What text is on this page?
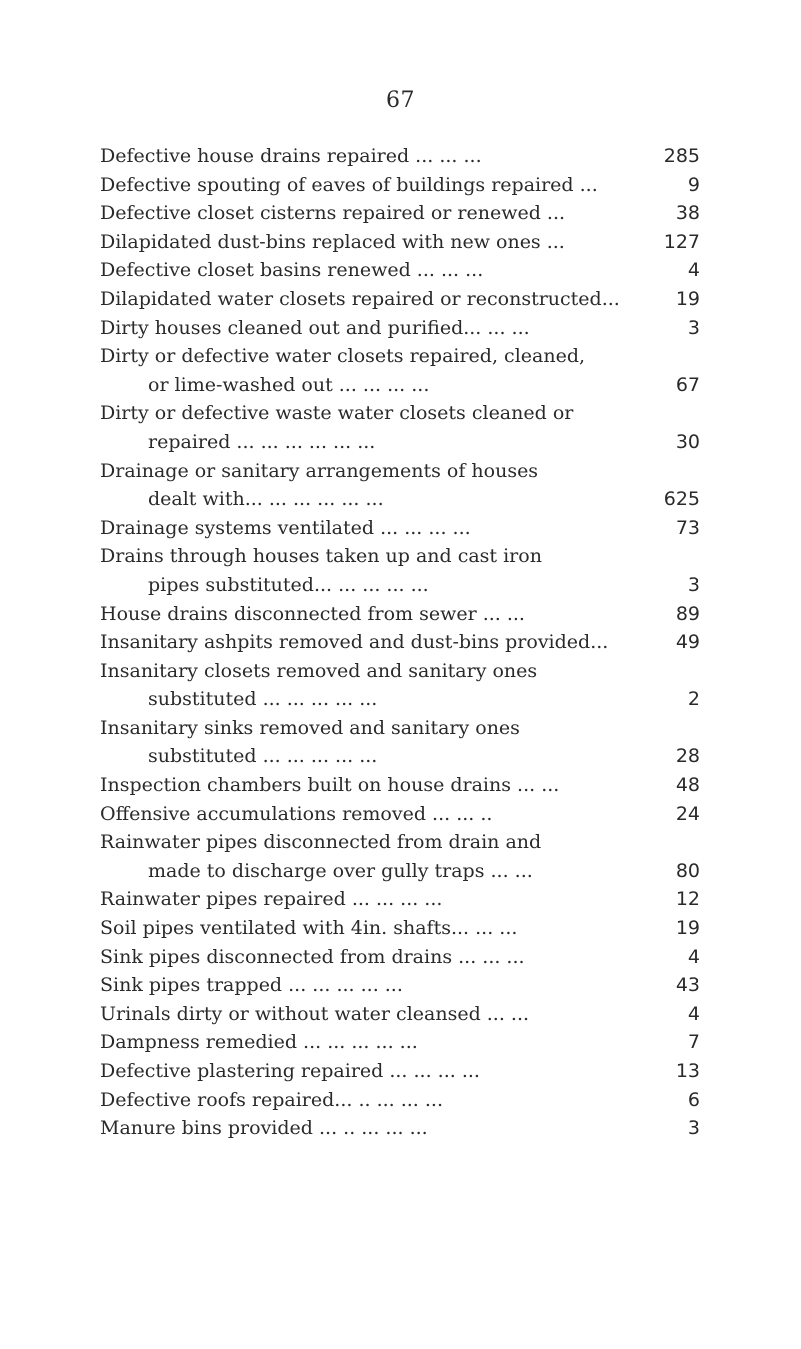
67
Defective house drains repaired ... ... ...	285
Defective spouting of eaves of buildings repaired ...	9
Defective closet cisterns repaired or renewed ...	38
Dilapidated dust-bins replaced with new ones ...	127
Defective closet basins renewed ... ... ...	4
Dilapidated water closets repaired or reconstructed...	19
Dirty houses cleaned out and purified... ... ...	3
Dirty or defective water closets repaired, cleaned,
or lime-washed out ... ... ... ...	67
Dirty or defective waste water closets cleaned or
repaired ... ... ... ... ... ...	30
Drainage or sanitary arrangements of houses
dealt with... ... ... ... ... ...	625
Drainage systems ventilated ... ... ... ...	73
Drains through houses taken up and cast iron
pipes substituted... ... ... ... ...	3
House drains disconnected from sewer ... ...	89
Insanitary ashpits removed and dust-bins provided...	49
Insanitary closets removed and sanitary ones
substituted ... ... ... ... ...	2
Insanitary sinks removed and sanitary ones
substituted ... ... ... ... ...	28
Inspection chambers built on house drains ... ...	48
Offensive accumulations removed ... ... ..	24
Rainwater pipes disconnected from drain and
made to discharge over gully traps ... ...	80
Rainwater pipes repaired ... ... ... ...	12
Soil pipes ventilated with 4in. shafts... ... ...	19
Sink pipes disconnected from drains ... ... ...	4
Sink pipes trapped ... ... ... ... ...	43
Urinals dirty or without water cleansed ... ...	4
Dampness remedied ... ... ... ... ...	7
Defective plastering repaired ... ... ... ...	13
Defective roofs repaired... .. ... ... ...	6
Manure bins provided ... .. ... ... ...	3
